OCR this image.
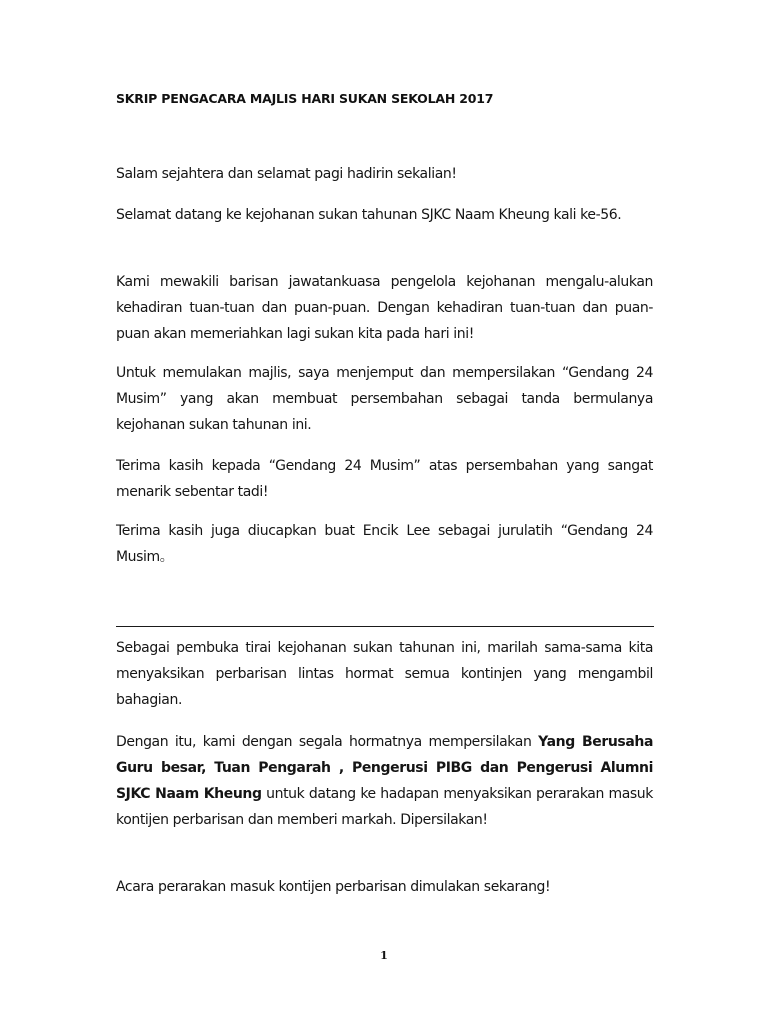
SKRIP PENGACARA MAJLIS HARI SUKAN SEKOLAH 2017
Salam sejahtera dan selamat pagi hadirin sekalian!
Selamat datang ke kejohanan sukan tahunan SJKC Naam Kheung kali ke-56.
Kami mewakili barisan jawatankuasa pengelola kejohanan mengalu-alukan kehadiran tuan-tuan dan puan-puan. Dengan kehadiran tuan-tuan dan puan-puan akan memeriahkan lagi sukan kita pada hari ini!
Untuk memulakan majlis, saya menjemput dan mempersilakan “Gendang 24 Musim” yang akan membuat persembahan sebagai tanda bermulanya kejohanan sukan tahunan ini.
Terima kasih kepada “Gendang 24 Musim” atas persembahan yang sangat menarik sebentar tadi!
Terima kasih juga diucapkan buat Encik Lee sebagai jurulatih “Gendang 24 Musim。
Sebagai pembuka tirai kejohanan sukan tahunan ini, marilah sama-sama kita menyaksikan perbarisan lintas hormat semua kontinjen yang mengambil bahagian.
Dengan itu, kami dengan segala hormatnya mempersilakan Yang Berusaha Guru besar, Tuan Pengarah , Pengerusi PIBG dan Pengerusi Alumni SJKC Naam Kheung untuk datang ke hadapan menyaksikan perarakan masuk kontijen perbarisan dan memberi markah. Dipersilakan!
Acara perarakan masuk kontijen perbarisan dimulakan sekarang!
1
